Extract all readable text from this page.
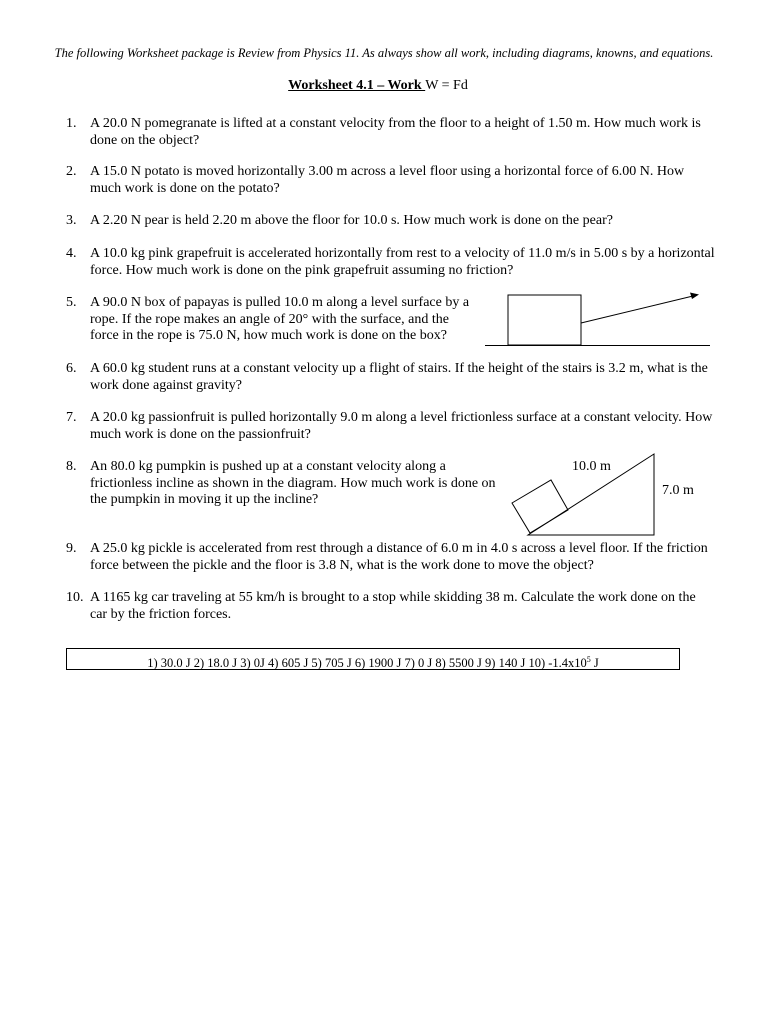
The following Worksheet package is Review from Physics 11. As always show all work, including diagrams, knowns, and equations.
Worksheet 4.1 – Work W = Fd
1. A 20.0 N pomegranate is lifted at a constant velocity from the floor to a height of 1.50 m. How much work is done on the object?
2. A 15.0 N potato is moved horizontally 3.00 m across a level floor using a horizontal force of 6.00 N. How much work is done on the potato?
3. A 2.20 N pear is held 2.20 m above the floor for 10.0 s. How much work is done on the pear?
4. A 10.0 kg pink grapefruit is accelerated horizontally from rest to a velocity of 11.0 m/s in 5.00 s by a horizontal force. How much work is done on the pink grapefruit assuming no friction?
5. A 90.0 N box of papayas is pulled 10.0 m along a level surface by a rope. If the rope makes an angle of 20° with the surface, and the force in the rope is 75.0 N, how much work is done on the box?
6. A 60.0 kg student runs at a constant velocity up a flight of stairs. If the height of the stairs is 3.2 m, what is the work done against gravity?
7. A 20.0 kg passionfruit is pulled horizontally 9.0 m along a level frictionless surface at a constant velocity. How much work is done on the passionfruit?
8. An 80.0 kg pumpkin is pushed up at a constant velocity along a frictionless incline as shown in the diagram. How much work is done on the pumpkin in moving it up the incline?
10.0 m
7.0 m
9. A 25.0 kg pickle is accelerated from rest through a distance of 6.0 m in 4.0 s across a level floor. If the friction force between the pickle and the floor is 3.8 N, what is the work done to move the object?
10. A 1165 kg car traveling at 55 km/h is brought to a stop while skidding 38 m. Calculate the work done on the car by the friction forces.
1) 30.0 J 2) 18.0 J 3) 0J 4) 605 J 5) 705 J 6) 1900 J 7) 0 J 8) 5500 J 9) 140 J 10) $-1.4x10^5$ J
